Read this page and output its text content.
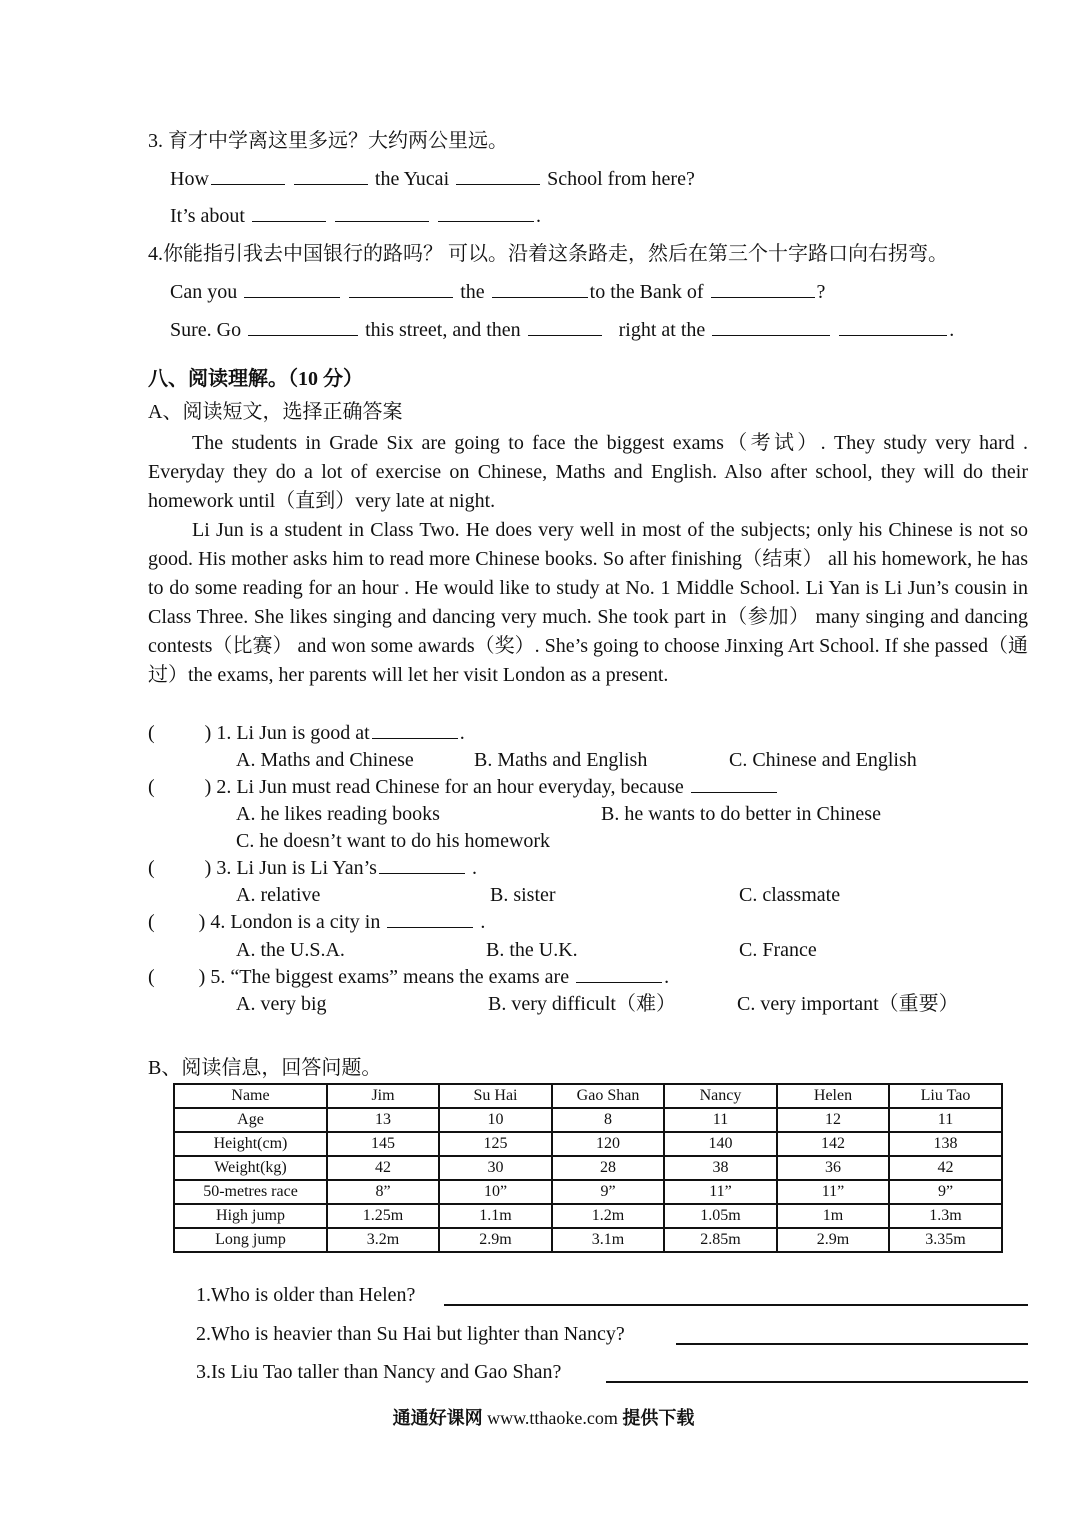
3. 育才中学离这里多远？大约两公里远。
How	the Yucai	School from here?
It’s about	.
4.你能指引我去中国银行的路吗？ 可以。沿着这条路走，然后在第三个十字路口向右拐弯。
Can you	the	to the Bank of	?
Sure. Go	this street, and then	right at the	.
八、阅读理解。（10 分）
A、阅读短文，选择正确答案

The students in Grade Six are going to face the biggest exams（考试）. They study very hard . Everyday they do a lot of exercise on Chinese, Maths and English. Also after school, they will do their homework until（直到）very late at night.

Li Jun is a student in Class Two. He does very well in most of the subjects; only his Chinese is not so good. His mother asks him to read more Chinese books. So after finishing（结束） all his homework, he has to do some reading for an hour . He would like to study at No. 1 Middle School. Li Yan is Li Jun’s cousin in Class Three. She likes singing and dancing very much. She took part in（参加） many singing and dancing contests（比赛） and won some awards（奖）. She’s going to choose Jinxing Art School. If she passed（通过）the exams, her parents will let her visit London as a present.

(	) 1. Li Jun is good at	.
A. Maths and Chinese	B. Maths and English	C. Chinese and English
(	) 2. Li Jun must read Chinese for an hour everyday, because
A. he likes reading books	B. he wants to do better in Chinese
C. he doesn’t want to do his homework
(	) 3. Li Jun is Li Yan’s	.
A. relative	B. sister	C. classmate
( ) 4. London is a city in	.
A. the U.S.A.	B. the U.K.	C. France
( ) 5. “The biggest exams” means the exams are	.
A. very big	B. very difficult（难）	C. very important（重要）
B、阅读信息，回答问题。
Name	Jim	Su Hai	Gao Shan	Nancy	Helen	Liu Tao
Age	13	10	8	11	12	11
Height(cm)	145	125	120	140	142	138
Weight(kg)	42	30	28	38	36	42
50-metres race	8”	10”	9”	11”	11”	9”
High jump	1.25m	1.1m	1.2m	1.05m	1m	1.3m
Long jump	3.2m	2.9m	3.1m	2.85m	2.9m	3.35m
1.Who is older than Helen?
2.Who is heavier than Su Hai but lighter than Nancy?
3.Is Liu Tao taller than Nancy and Gao Shan?
通通好课网 www.tthaoke.com 提供下载
